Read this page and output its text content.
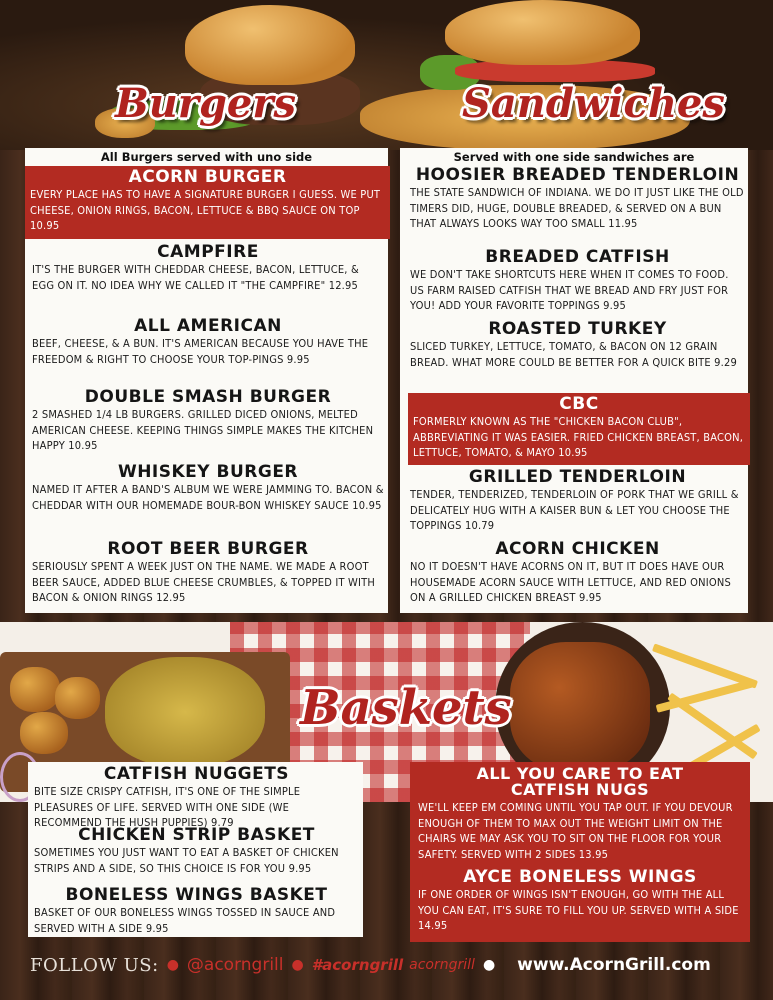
Burgers	Sandwiches
All Burgers served with uno side
ACORN BURGER
EVERY PLACE HAS TO HAVE A SIGNATURE BURGER I GUESS. WE PUT CHEESE, ONION RINGS, BACON, LETTUCE & BBQ SAUCE ON TOP 10.95
CAMPFIRE
IT'S THE BURGER WITH CHEDDAR CHEESE, BACON, LETTUCE, & EGG ON IT. NO IDEA WHY WE CALLED IT "THE CAMPFIRE" 12.95
ALL AMERICAN
BEEF, CHEESE, & A BUN. IT'S AMERICAN BECAUSE YOU HAVE THE FREEDOM & RIGHT TO CHOOSE YOUR TOP-PINGS 9.95
DOUBLE SMASH BURGER
2 SMASHED 1/4 LB BURGERS. GRILLED DICED ONIONS, MELTED AMERICAN CHEESE. KEEPING THINGS SIMPLE MAKES THE KITCHEN HAPPY 10.95
WHISKEY BURGER
NAMED IT AFTER A BAND'S ALBUM WE WERE JAMMING TO. BACON & CHEDDAR WITH OUR HOMEMADE BOUR-BON WHISKEY SAUCE 10.95
ROOT BEER BURGER
SERIOUSLY SPENT A WEEK JUST ON THE NAME. WE MADE A ROOT BEER SAUCE, ADDED BLUE CHEESE CRUMBLES, & TOPPED IT WITH BACON & ONION RINGS 12.95
Served with one side sandwiches are
HOOSIER BREADED TENDERLOIN
THE STATE SANDWICH OF INDIANA. WE DO IT JUST LIKE THE OLD TIMERS DID, HUGE, DOUBLE BREADED, & SERVED ON A BUN THAT ALWAYS LOOKS WAY TOO SMALL 11.95
BREADED CATFISH
WE DON'T TAKE SHORTCUTS HERE WHEN IT COMES TO FOOD. US FARM RAISED CATFISH THAT WE BREAD AND FRY JUST FOR YOU! ADD YOUR FAVORITE TOPPINGS 9.95
ROASTED TURKEY
SLICED TURKEY, LETTUCE, TOMATO, & BACON ON 12 GRAIN BREAD. WHAT MORE COULD BE BETTER FOR A QUICK BITE 9.29
CBC
FORMERLY KNOWN AS THE "CHICKEN BACON CLUB", ABBREVIATING IT WAS EASIER. FRIED CHICKEN BREAST, BACON, LETTUCE, TOMATO, & MAYO 10.95
GRILLED TENDERLOIN
TENDER, TENDERIZED, TENDERLOIN OF PORK THAT WE GRILL & DELICATELY HUG WITH A KAISER BUN & LET YOU CHOOSE THE TOPPINGS 10.79
ACORN CHICKEN
NO IT DOESN'T HAVE ACORNS ON IT, BUT IT DOES HAVE OUR HOUSEMADE ACORN SAUCE WITH LETTUCE, AND RED ONIONS ON A GRILLED CHICKEN BREAST 9.95
Baskets
CATFISH NUGGETS
BITE SIZE CRISPY CATFISH, IT'S ONE OF THE SIMPLE PLEASURES OF LIFE. SERVED WITH ONE SIDE (WE RECOMMEND THE HUSH PUPPIES) 9.79
CHICKEN STRIP BASKET
SOMETIMES YOU JUST WANT TO EAT A BASKET OF CHICKEN STRIPS AND A SIDE, SO THIS CHOICE IS FOR YOU 9.95
BONELESS WINGS BASKET
BASKET OF OUR BONELESS WINGS TOSSED IN SAUCE AND SERVED WITH A SIDE 9.95
ALL YOU CARE TO EAT CATFISH NUGS
WE'LL KEEP EM COMING UNTIL YOU TAP OUT. IF YOU DEVOUR ENOUGH OF THEM TO MAX OUT THE WEIGHT LIMIT ON THE CHAIRS WE MAY ASK YOU TO SIT ON THE FLOOR FOR YOUR SAFETY. SERVED WITH 2 SIDES 13.95
AYCE BONELESS WINGS
IF ONE ORDER OF WINGS ISN'T ENOUGH, GO WITH THE ALL YOU CAN EAT, IT'S SURE TO FILL YOU UP. SERVED WITH A SIDE 14.95
FOLLOW US: ● @acorngrill ● #acorngrill acorngrill ● www.AcornGrill.com
